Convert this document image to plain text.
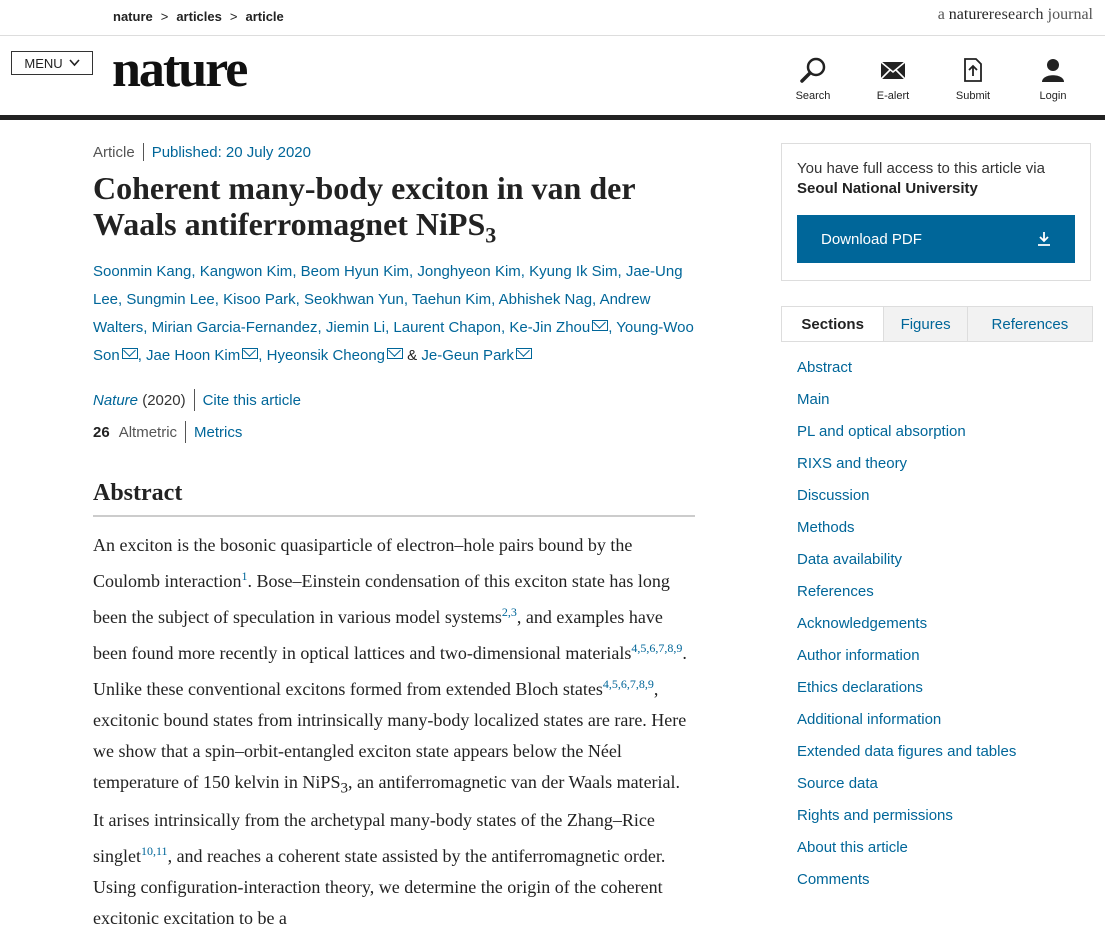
nature > articles > article	a natureresearch journal
MENU nature	Search	E-alert	Submit	Login
Article Published: 20 July 2020
Coherent many-body exciton in van der Waals antiferromagnet NiPS$_3$
Soonmin Kang, Kangwon Kim, Beom Hyun Kim, Jonghyeon Kim, Kyung Ik Sim, Jae-Ung Lee, Sungmin Lee, Kisoo Park, Seokhwan Yun, Taehun Kim, Abhishek Nag, Andrew Walters, Mirian Garcia-Fernandez, Jiemin Li, Laurent Chapon, Ke-Jin Zhou , Young-Woo Son , Jae Hoon Kim , Hyeonsik Cheong & Je-Geun Park
Nature
(2020) Cite this article
26 Altmetric Metrics
Abstract

An exciton is the bosonic quasiparticle of electron–hole pairs bound by the Coulomb interaction$^1$. Bose–Einstein condensation of this exciton state has long been the subject of speculation in various model systems$^{2,3}$, and examples have been found more recently in optical lattices and two-dimensional materials$^{4,5,6,7,8,9}$. Unlike these conventional excitons formed from extended Bloch states$^{4,5,6,7,8,9}$, excitonic bound states from intrinsically many-body localized states are rare. Here we show that a spin–orbit-entangled exciton state appears below the Néel temperature of 150 kelvin in NiPS$_3$, an antiferromagnetic van der Waals material. It arises intrinsically from the archetypal many-body states of the Zhang–Rice singlet$^{10,11}$, and reaches a coherent state assisted by the antiferromagnetic order. Using configuration-interaction theory, we determine the origin of the coherent excitonic excitation to be a

You have full access to this article via
Seoul National University
Download PDF
Sections	Figures	References
Abstract
Main
PL and optical absorption
RIXS and theory
Discussion
Methods
Data availability
References
Acknowledgements
Author information
Ethics declarations
Additional information
Extended data figures and tables
Source data
Rights and permissions
About this article
Comments
